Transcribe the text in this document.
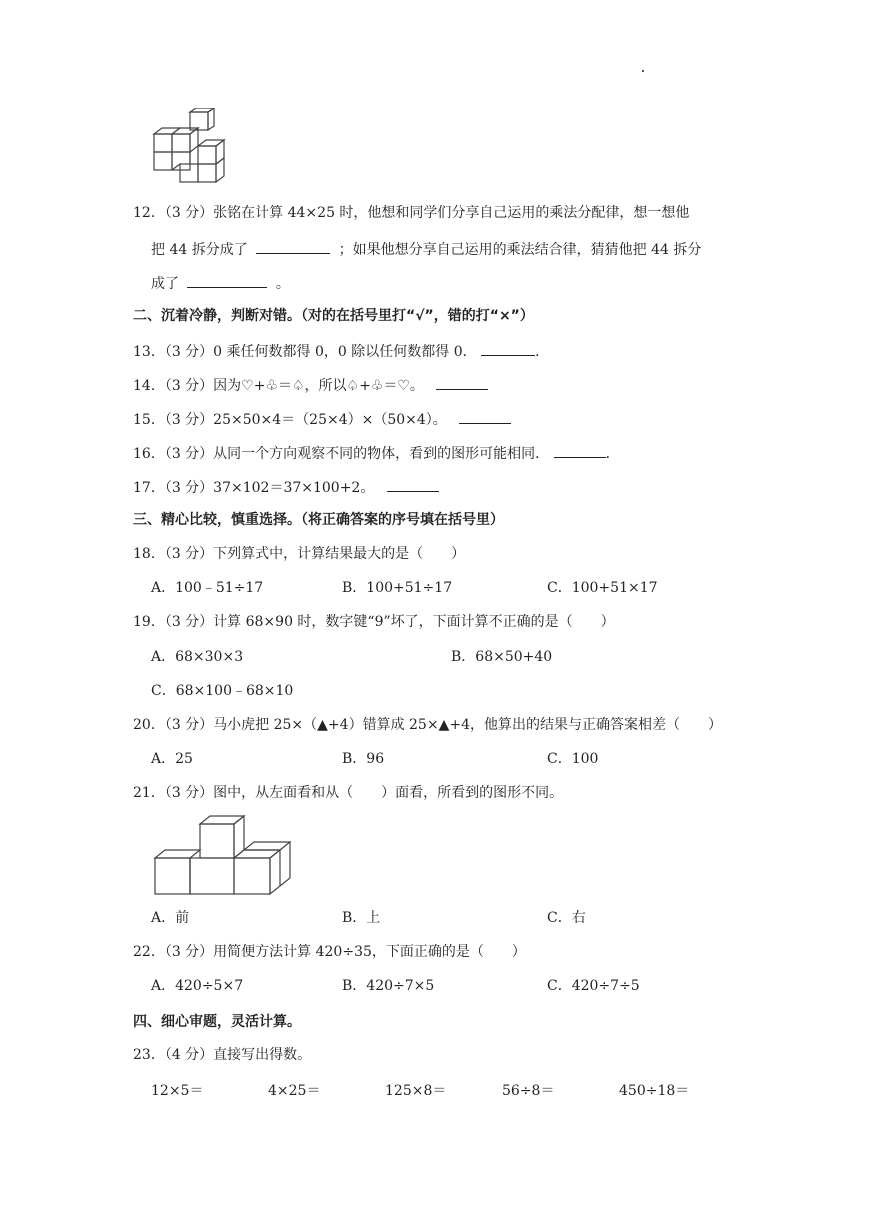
12．（3 分）张铭在计算 44×25 时，他想和同学们分享自己运用的乘法分配律，想一想他
把 44 拆分成了	；如果他想分享自己运用的乘法结合律，猜猜他把 44 拆分
成了	。
二、沉着冷静，判断对错。（对的在括号里打“√”，错的打“×”）
13．（3 分）0 乘任何数都得 0，0 除以任何数都得 0．	．
14．（3 分）因为♡+♧＝♤，所以♤+♧＝♡。
15．（3 分）25×50×4＝（25×4）×（50×4）。
16．（3 分）从同一个方向观察不同的物体，看到的图形可能相同．	．
17．（3 分）37×102＝37×100+2。
三、精心比较，慎重选择。（将正确答案的序号填在括号里）
18．（3 分）下列算式中，计算结果最大的是（　　）
A．100﹣51÷17	B．100+51÷17	C．100+51×17
19．（3 分）计算 68×90 时，数字键“9”坏了，下面计算不正确的是（　　）
A．68×30×3	B．68×50+40
C．68×100﹣68×10
20．（3 分）马小虎把 25×（▲+4）错算成 25×▲+4，他算出的结果与正确答案相差（　　）
A．25	B．96	C．100
21．（3 分）图中，从左面看和从（　　）面看，所看到的图形不同。
A．前	B．上	C．右
22．（3 分）用简便方法计算 420÷35，下面正确的是（　　）
A．420÷5×7	B．420÷7×5	C．420÷7÷5
四、细心审题，灵活计算。
23．（4 分）直接写出得数。
12×5＝	4×25＝	125×8＝	56÷8＝	450÷18＝
